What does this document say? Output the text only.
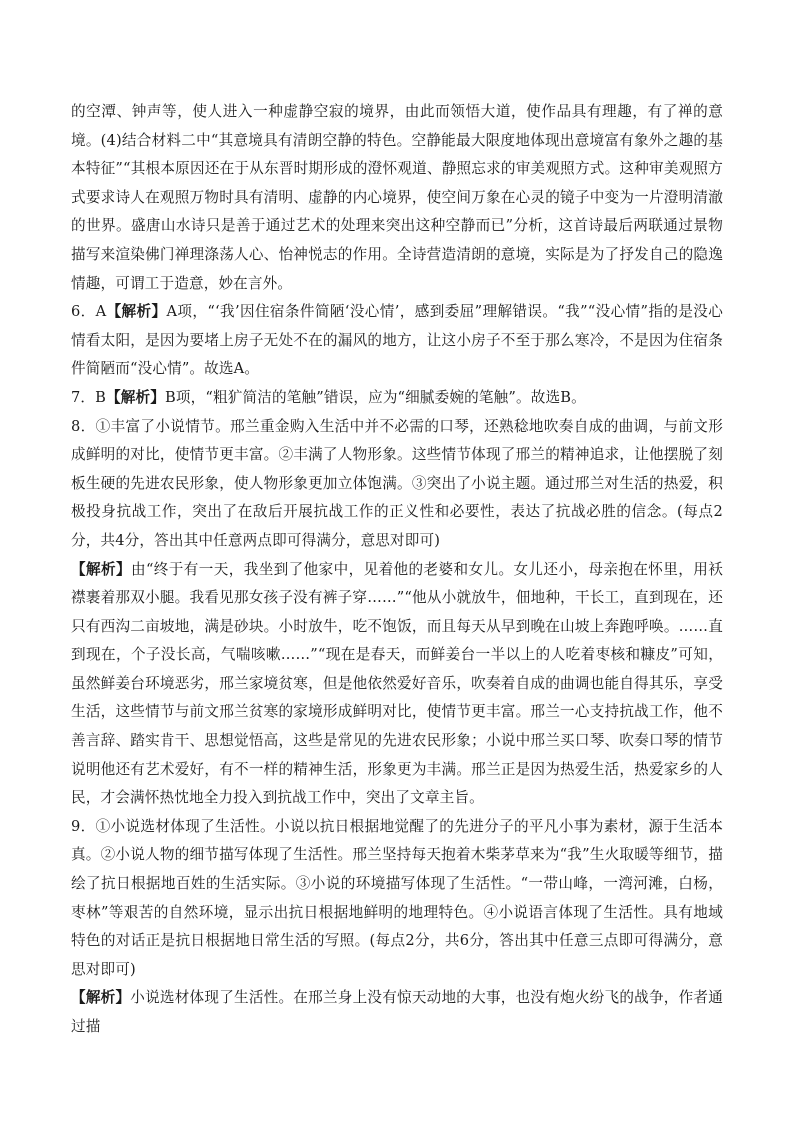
的空潭、钟声等，使人进入一种虚静空寂的境界，由此而领悟大道，使作品具有理趣，有了禅的意境。(4)结合材料二中“其意境具有清朗空静的特色。空静能最大限度地体现出意境富有象外之趣的基本特征”“其根本原因还在于从东晋时期形成的澄怀观道、静照忘求的审美观照方式。这种审美观照方式要求诗人在观照万物时具有清明、虚静的内心境界，使空间万象在心灵的镜子中变为一片澄明清澈的世界。盛唐山水诗只是善于通过艺术的处理来突出这种空静而已”分析，这首诗最后两联通过景物描写来渲染佛门禅理涤荡人心、怡神悦志的作用。全诗营造清朗的意境，实际是为了抒发自己的隐逸情趣，可谓工于造意，妙在言外。

6．A【解析】A项，“‘我’因住宿条件简陋‘没心情’，感到委屈”理解错误。“我”“没心情”指的是没心情看太阳，是因为要堵上房子无处不在的漏风的地方，让这小房子不至于那么寒冷，不是因为住宿条件简陋而“没心情”。故选A。

7．B【解析】B项，“粗犷简洁的笔触”错误，应为“细腻委婉的笔触”。故选B。

8．①丰富了小说情节。邢兰重金购入生活中并不必需的口琴，还熟稔地吹奏自成的曲调，与前文形成鲜明的对比，使情节更丰富。②丰满了人物形象。这些情节体现了邢兰的精神追求，让他摆脱了刻板生硬的先进农民形象，使人物形象更加立体饱满。③突出了小说主题。通过邢兰对生活的热爱，积极投身抗战工作，突出了在敌后开展抗战工作的正义性和必要性，表达了抗战必胜的信念。(每点2分，共4分，答出其中任意两点即可得满分，意思对即可)

【解析】由“终于有一天，我坐到了他家中，见着他的老婆和女儿。女儿还小，母亲抱在怀里，用袄襟裹着那双小腿。我看见那女孩子没有裤子穿……”“他从小就放牛，佃地种，干长工，直到现在，还只有西沟二亩坡地，满是砂块。小时放牛，吃不饱饭，而且每天从早到晚在山坡上奔跑呼唤。……直到现在，个子没长高，气喘咳嗽……”“现在是春天，而鲜姜台一半以上的人吃着枣核和糠皮”可知，虽然鲜姜台环境恶劣，邢兰家境贫寒，但是他依然爱好音乐，吹奏着自成的曲调也能自得其乐，享受生活，这些情节与前文邢兰贫寒的家境形成鲜明对比，使情节更丰富。邢兰一心支持抗战工作，他不善言辞、踏实肯干、思想觉悟高，这些是常见的先进农民形象；小说中邢兰买口琴、吹奏口琴的情节说明他还有艺术爱好，有不一样的精神生活，形象更为丰满。邢兰正是因为热爱生活，热爱家乡的人民，才会满怀热忱地全力投入到抗战工作中，突出了文章主旨。

9．①小说选材体现了生活性。小说以抗日根据地觉醒了的先进分子的平凡小事为素材，源于生活本真。②小说人物的细节描写体现了生活性。邢兰坚持每天抱着木柴茅草来为“我”生火取暖等细节，描绘了抗日根据地百姓的生活实际。③小说的环境描写体现了生活性。“一带山峰，一湾河滩，白杨，枣林”等艰苦的自然环境，显示出抗日根据地鲜明的地理特色。④小说语言体现了生活性。具有地域特色的对话正是抗日根据地日常生活的写照。(每点2分，共6分，答出其中任意三点即可得满分，意思对即可)

【解析】小说选材体现了生活性。在邢兰身上没有惊天动地的大事，也没有炮火纷飞的战争，作者通过描
